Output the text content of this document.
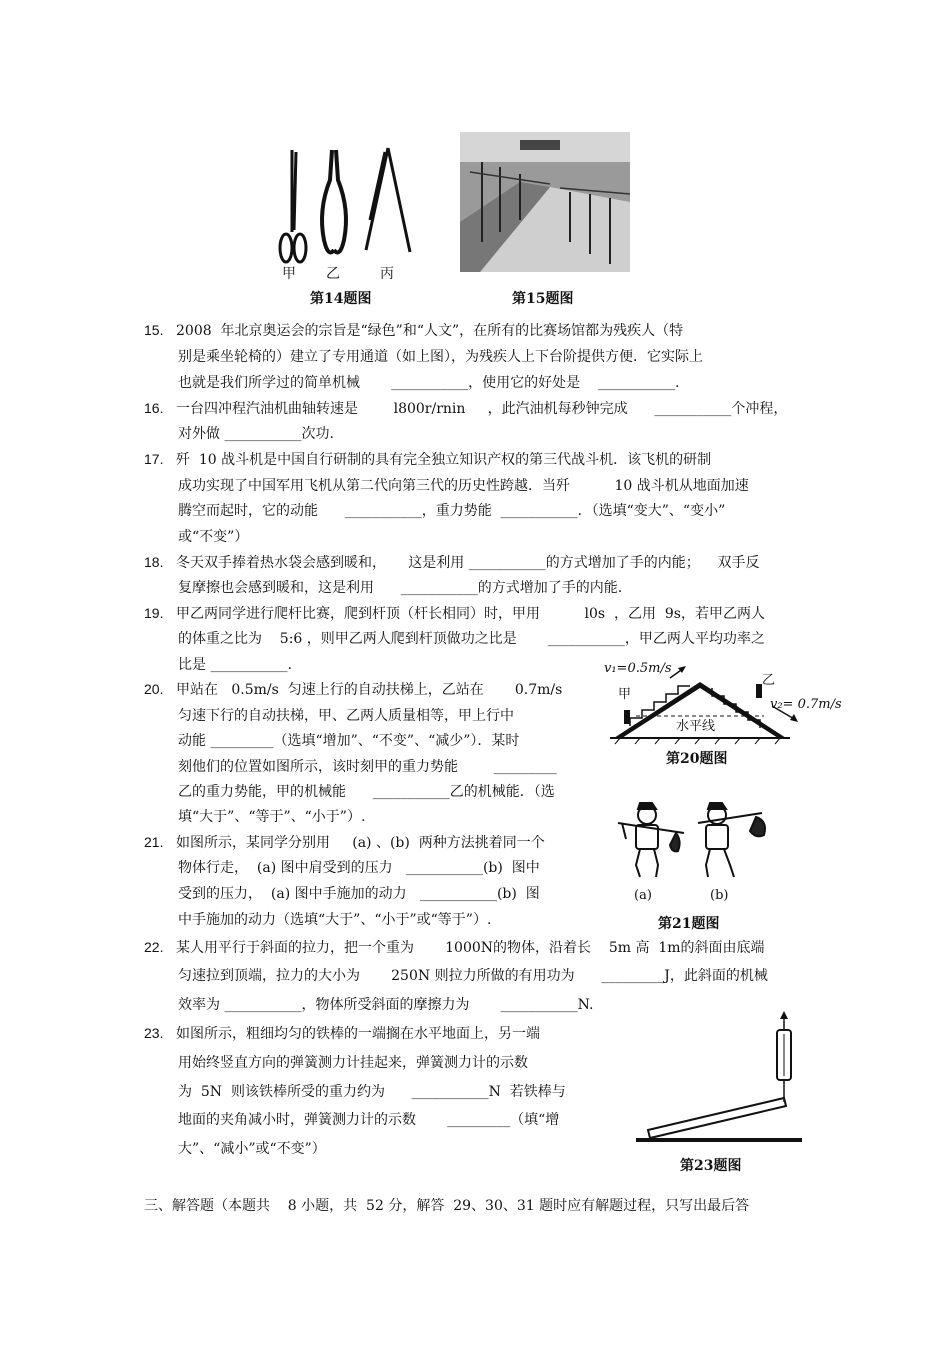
甲 乙	丙
第14题图	第15题图
15. 2008  年北京奥运会的宗旨是“绿色”和“人文”，在所有的比赛场馆都为残疾人（特
别是乘坐轮椅的）建立了专用通道（如上图），为残疾人上下台阶提供方便．它实际上
也就是我们所学过的简单机械       ___________，使用它的好处是    ___________.
16. 一台四冲程汽油机曲轴转速是        l800r/rnin     ，此汽油机每秒钟完成      ___________个冲程，
对外做 ___________次功.
17. 歼  10 战斗机是中国自行研制的具有完全独立知识产权的第三代战斗机．该飞机的研制
成功实现了中国军用飞机从第二代向第三代的历史性跨越．当歼          10 战斗机从地面加速
腾空而起时，它的动能      ___________，重力势能  ___________．（选填“变大”、“变小”
或“不变”）
18. 冬天双手捧着热水袋会感到暖和，     这是利用 ___________的方式增加了手的内能；    双手反
复摩擦也会感到暖和，这是利用      ___________的方式增加了手的内能.
19. 甲乙两同学进行爬杆比赛，爬到杆顶（杆长相同）时，甲用          l0s  ，乙用  9s，若甲乙两人
的体重之比为    5:6 ，则甲乙两人爬到杆顶做功之比是       ___________，甲乙两人平均功率之
比是 ___________.
20. 甲站在   0.5m/s  匀速上行的自动扶梯上，乙站在       0.7m/s
匀速下行的自动扶梯，甲、乙两人质量相等，甲上行中
动能 _________（选填“增加”、“不变”、“减少”）．某时
刻他们的位置如图所示，该时刻甲的重力势能        _________
乙的重力势能，甲的机械能      ___________乙的机械能．（选
填“大于”、“等于”、“小于”）.
v₁=0.5m/s
甲
乙
v₂= 0.7m/s
水平线
第20题图
21. 如图所示，某同学分别用     (a) 、(b)  两种方法挑着同一个
物体行走，  (a) 图中肩受到的压力   ___________(b)  图中
受到的压力，  (a) 图中手施加的动力   ___________(b)  图
中手施加的动力（选填“大于”、“小于”或“等于”）.
(a)	(b)
第21题图
22. 某人用平行于斜面的拉力，把一个重为       1000N的物体，沿着长    5m 高  1m的斜面由底端
匀速拉到顶端，拉力的大小为       250N 则拉力所做的有用功为      _________J，此斜面的机械
效率为 ___________，物体所受斜面的摩擦力为       ___________N.
23. 如图所示，粗细均匀的铁棒的一端搁在水平地面上，另一端
用始终竖直方向的弹簧测力计挂起来，弹簧测力计的示数
为  5N  则该铁棒所受的重力约为      ___________N  若铁棒与
地面的夹角减小时，弹簧测力计的示数       _________（填“增
大”、“减小”或“不变”）
第23题图
三、解答题（本题共    8 小题，共  52 分，解答  29、30、31 题时应有解题过程，只写出最后答
